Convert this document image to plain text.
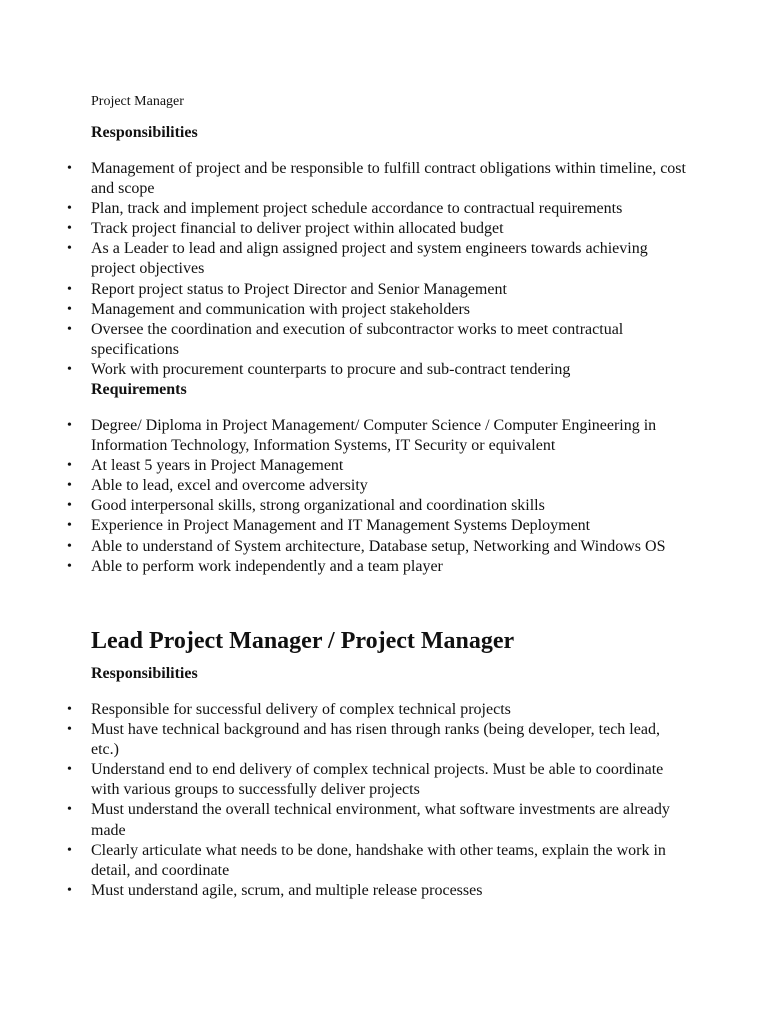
Project Manager

Responsibilities

• Management of project and be responsible to fulfill contract obligations within timeline, cost and scope
• Plan, track and implement project schedule accordance to contractual requirements
• Track project financial to deliver project within allocated budget
• As a Leader to lead and align assigned project and system engineers towards achieving project objectives
• Report project status to Project Director and Senior Management
• Management and communication with project stakeholders
• Oversee the coordination and execution of subcontractor works to meet contractual specifications
• Work with procurement counterparts to procure and sub-contract tendering

Requirements

• Degree/ Diploma in Project Management/ Computer Science / Computer Engineering in Information Technology, Information Systems, IT Security or equivalent
• At least 5 years in Project Management
• Able to lead, excel and overcome adversity
• Good interpersonal skills, strong organizational and coordination skills
• Experience in Project Management and IT Management Systems Deployment
• Able to understand of System architecture, Database setup, Networking and Windows OS
• Able to perform work independently and a team player
Lead Project Manager / Project Manager

Responsibilities

• Responsible for successful delivery of complex technical projects
• Must have technical background and has risen through ranks (being developer, tech lead, etc.)
• Understand end to end delivery of complex technical projects. Must be able to coordinate with various groups to successfully deliver projects
• Must understand the overall technical environment, what software investments are already made
• Clearly articulate what needs to be done, handshake with other teams, explain the work in detail, and coordinate
• Must understand agile, scrum, and multiple release processes
